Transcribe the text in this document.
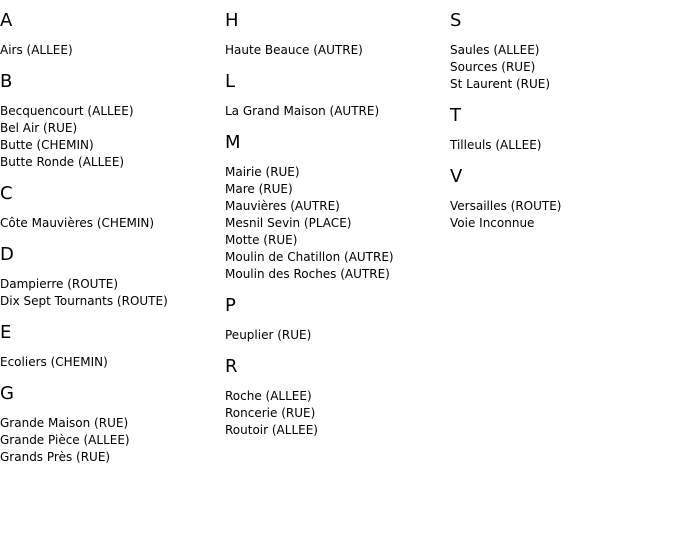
A
Airs (ALLEE)
B
Becquencourt (ALLEE)
Bel Air (RUE)
Butte (CHEMIN)
Butte Ronde (ALLEE)
C
Côte Mauvières (CHEMIN)
D
Dampierre (ROUTE)
Dix Sept Tournants (ROUTE)
E
Ecoliers (CHEMIN)
G
Grande Maison (RUE)
Grande Pièce (ALLEE)
Grands Près (RUE)
H
Haute Beauce (AUTRE)
L
La Grand Maison (AUTRE)
M
Mairie (RUE)
Mare (RUE)
Mauvières (AUTRE)
Mesnil Sevin (PLACE)
Motte (RUE)
Moulin de Chatillon (AUTRE)
Moulin des Roches (AUTRE)
P
Peuplier (RUE)
R
Roche (ALLEE)
Roncerie (RUE)
Routoir (ALLEE)
S
Saules (ALLEE)
Sources (RUE)
St Laurent (RUE)
T
Tilleuls (ALLEE)
V
Versailles (ROUTE)
Voie Inconnue
